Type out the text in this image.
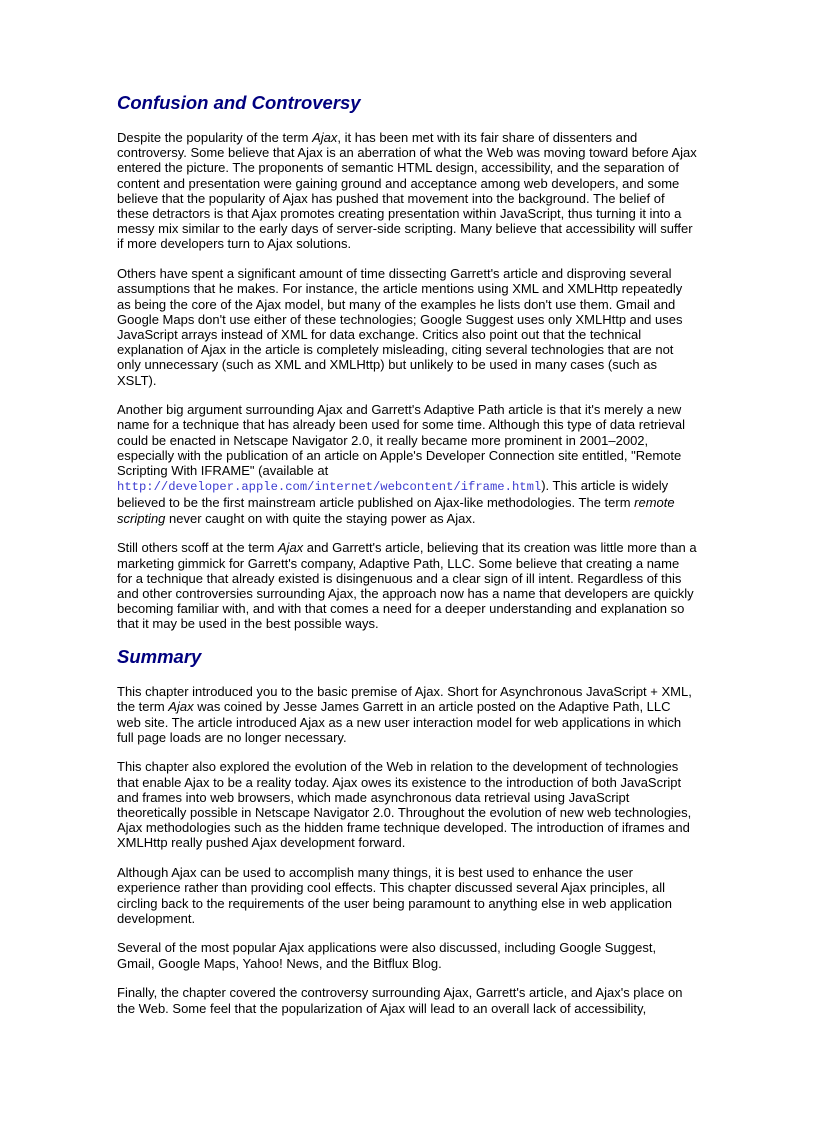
Confusion and Controversy

Despite the popularity of the term Ajax, it has been met with its fair share of dissenters and controversy. Some believe that Ajax is an aberration of what the Web was moving toward before Ajax entered the picture. The proponents of semantic HTML design, accessibility, and the separation of content and presentation were gaining ground and acceptance among web developers, and some believe that the popularity of Ajax has pushed that movement into the background. The belief of these detractors is that Ajax promotes creating presentation within JavaScript, thus turning it into a messy mix similar to the early days of server-side scripting. Many believe that accessibility will suffer if more developers turn to Ajax solutions.

Others have spent a significant amount of time dissecting Garrett's article and disproving several assumptions that he makes. For instance, the article mentions using XML and XMLHttp repeatedly as being the core of the Ajax model, but many of the examples he lists don't use them. Gmail and Google Maps don't use either of these technologies; Google Suggest uses only XMLHttp and uses JavaScript arrays instead of XML for data exchange. Critics also point out that the technical explanation of Ajax in the article is completely misleading, citing several technologies that are not only unnecessary (such as XML and XMLHttp) but unlikely to be used in many cases (such as XSLT).

Another big argument surrounding Ajax and Garrett's Adaptive Path article is that it's merely a new name for a technique that has already been used for some time. Although this type of data retrieval could be enacted in Netscape Navigator 2.0, it really became more prominent in 2001–2002, especially with the publication of an article on Apple's Developer Connection site entitled, "Remote Scripting With IFRAME" (available at http://developer.apple.com/internet/webcontent/iframe.html). This article is widely believed to be the first mainstream article published on Ajax-like methodologies. The term remote scripting never caught on with quite the staying power as Ajax.

Still others scoff at the term Ajax and Garrett's article, believing that its creation was little more than a marketing gimmick for Garrett's company, Adaptive Path, LLC. Some believe that creating a name for a technique that already existed is disingenuous and a clear sign of ill intent. Regardless of this and other controversies surrounding Ajax, the approach now has a name that developers are quickly becoming familiar with, and with that comes a need for a deeper understanding and explanation so that it may be used in the best possible ways.

Summary

This chapter introduced you to the basic premise of Ajax. Short for Asynchronous JavaScript + XML, the term Ajax was coined by Jesse James Garrett in an article posted on the Adaptive Path, LLC web site. The article introduced Ajax as a new user interaction model for web applications in which full page loads are no longer necessary.

This chapter also explored the evolution of the Web in relation to the development of technologies that enable Ajax to be a reality today. Ajax owes its existence to the introduction of both JavaScript and frames into web browsers, which made asynchronous data retrieval using JavaScript theoretically possible in Netscape Navigator 2.0. Throughout the evolution of new web technologies, Ajax methodologies such as the hidden frame technique developed. The introduction of iframes and XMLHttp really pushed Ajax development forward.

Although Ajax can be used to accomplish many things, it is best used to enhance the user experience rather than providing cool effects. This chapter discussed several Ajax principles, all circling back to the requirements of the user being paramount to anything else in web application development.

Several of the most popular Ajax applications were also discussed, including Google Suggest, Gmail, Google Maps, Yahoo! News, and the Bitflux Blog.

Finally, the chapter covered the controversy surrounding Ajax, Garrett's article, and Ajax's place on the Web. Some feel that the popularization of Ajax will lead to an overall lack of accessibility,
